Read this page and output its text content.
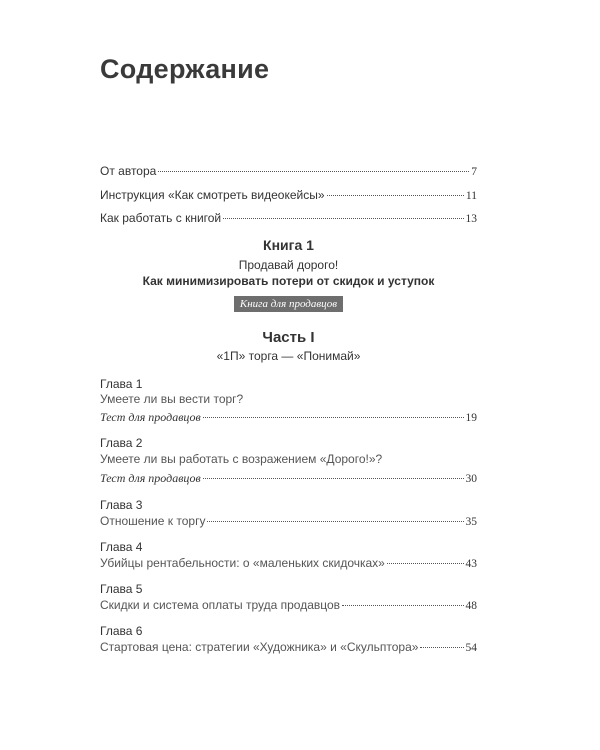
Содержание
От автора	7
Инструкция «Как смотреть видеокейсы»	11
Как работать с книгой	13
Книга 1
Продавай дорого!
Как минимизировать потери от скидок и уступок
Книга для продавцов
Часть I
«1П» торга — «Понимай»
Глава 1
Умеете ли вы вести торг?
Тест для продавцов	19
Глава 2
Умеете ли вы работать с возражением «Дорого!»?
Тест для продавцов	30
Глава 3
Отношение к торгу	35
Глава 4
Убийцы рентабельности: о «маленьких скидочках»	43
Глава 5
Скидки и система оплаты труда продавцов	48
Глава 6
Стартовая цена: стратегии «Художника» и «Скульптора»	54
